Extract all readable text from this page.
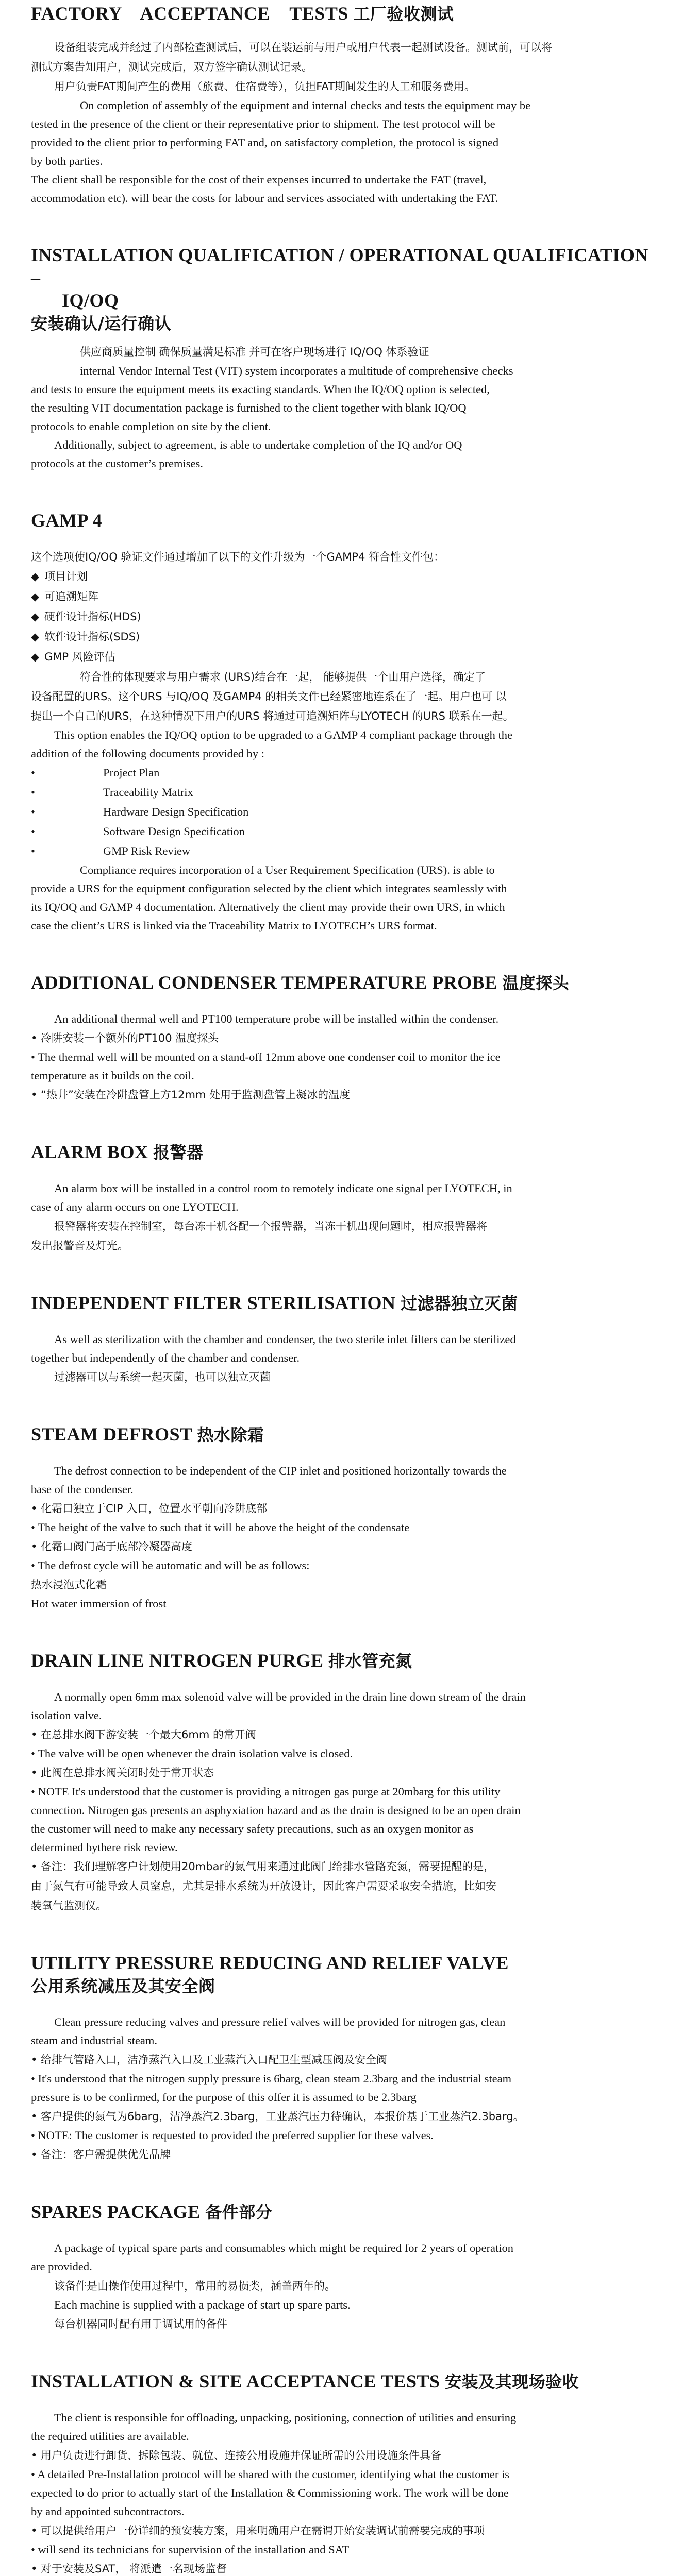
FACTORY    ACCEPTANCE    TESTS 工厂验收测试

设备组装完成并经过了内部检查测试后，可以在装运前与用户或用户代表一起测试设备。测试前，可以将

测试方案告知用户，测试完成后，双方签字确认测试记录。

用户负责FAT期间产生的费用（旅费、住宿费等），负担FAT期间发生的人工和服务费用。

On completion of assembly of the equipment and internal checks and tests the equipment may be

tested in the presence of the client or their representative prior to shipment. The test protocol will be

provided to the client prior to performing FAT and, on satisfactory completion, the protocol is signed

by both parties.

The client shall be responsible for the cost of their expenses incurred to undertake the FAT (travel,

accommodation etc). will bear the costs for labour and services associated with undertaking the FAT.

INSTALLATION QUALIFICATION / OPERATIONAL QUALIFICATION –
IQ/OQ
安装确认/运行确认

供应商质量控制 确保质量满足标准 并可在客户现场进行 IQ/OQ 体系验证

internal Vendor Internal Test (VIT) system incorporates a multitude of comprehensive checks

and tests to ensure the equipment meets its exacting standards. When the IQ/OQ option is selected,

the resulting VIT documentation package is furnished to the client together with blank IQ/OQ

protocols to enable completion on site by the client.

Additionally, subject to agreement, is able to undertake completion of the IQ and/or OQ

protocols at the customer’s premises.

GAMP 4

这个选项使IQ/OQ 验证文件通过增加了以下的文件升级为一个GAMP4 符合性文件包：

◆ 项目计划

◆ 可追溯矩阵

◆ 硬件设计指标(HDS)

◆ 软件设计指标(SDS)

◆ GMP 风险评估

符合性的体现要求与用户需求 (URS)结合在一起， 能够提供一个由用户选择，确定了

设备配置的URS。这个URS 与IQ/OQ 及GAMP4 的相关文件已经紧密地连系在了一起。用户也可 以

提出一个自己的URS，在这种情况下用户的URS 将通过可追溯矩阵与LYOTECH 的URS 联系在一起。

This option enables the IQ/OQ option to be upgraded to a GAMP 4 compliant package through the

addition of the following documents provided by :

• Project Plan
• Traceability Matrix
• Hardware Design Specification
• Software Design Specification
• GMP Risk Review

Compliance requires incorporation of a User Requirement Specification (URS). is able to

provide a URS for the equipment configuration selected by the client which integrates seamlessly with

its IQ/OQ and GAMP 4 documentation. Alternatively the client may provide their own URS, in which

case the client’s URS is linked via the Traceability Matrix to LYOTECH’s URS format.

ADDITIONAL CONDENSER TEMPERATURE PROBE 温度探头

An additional thermal well and PT100 temperature probe will be installed within the condenser.

• 冷阱安装一个额外的PT100 温度探头

• The thermal well will be mounted on a stand-off 12mm above one condenser coil to monitor the ice

temperature as it builds on the coil.

• “热井”安装在冷阱盘管上方12mm 处用于监测盘管上凝冰的温度

ALARM BOX 报警器

An alarm box will be installed in a control room to remotely indicate one signal per LYOTECH, in

case of any alarm occurs on one LYOTECH.

报警器将安装在控制室，每台冻干机各配一个报警器，当冻干机出现问题时，相应报警器将

发出报警音及灯光。

INDEPENDENT FILTER STERILISATION 过滤器独立灭菌

As well as sterilization with the chamber and condenser, the two sterile inlet filters can be sterilized

together but independently of the chamber and condenser.

过滤器可以与系统一起灭菌，也可以独立灭菌

STEAM DEFROST 热水除霜

The defrost connection to be independent of the CIP inlet and positioned horizontally towards the

base of the condenser.

• 化霜口独立于CIP 入口，位置水平朝向冷阱底部

• The height of the valve to such that it will be above the height of the condensate

• 化霜口阀门高于底部冷凝器高度

• The defrost cycle will be automatic and will be as follows:

热水浸泡式化霜

Hot water immersion of frost

DRAIN LINE NITROGEN PURGE 排水管充氮

A normally open 6mm max solenoid valve will be provided in the drain line down stream of the drain

isolation valve.

• 在总排水阀下游安装一个最大6mm 的常开阀

• The valve will be open whenever the drain isolation valve is closed.

• 此阀在总排水阀关闭时处于常开状态

• NOTE It's understood that the customer is providing a nitrogen gas purge at 20mbarg for this utility

connection. Nitrogen gas presents an asphyxiation hazard and as the drain is designed to be an open drain

the customer will need to make any necessary safety precautions, such as an oxygen monitor as

determined bythere risk review.

• 备注：我们理解客户计划使用20mbar的氮气用来通过此阀门给排水管路充氮，需要提醒的是，

由于氮气有可能导致人员窒息，尤其是排水系统为开放设计，因此客户需要采取安全措施，比如安

装氧气监测仪。

UTILITY PRESSURE REDUCING AND RELIEF VALVE
公用系统减压及其安全阀

Clean pressure reducing valves and pressure relief valves will be provided for nitrogen gas, clean

steam and industrial steam.

• 给排气管路入口，洁净蒸汽入口及工业蒸汽入口配卫生型减压阀及安全阀

• It's understood that the nitrogen supply pressure is 6barg, clean steam 2.3barg and the industrial steam

pressure is to be confirmed, for the purpose of this offer it is assumed to be 2.3barg

• 客户提供的氮气为6barg，洁净蒸汽2.3barg，工业蒸汽压力待确认，本报价基于工业蒸汽2.3barg。

• NOTE: The customer is requested to provided the preferred supplier for these valves.

• 备注：客户需提供优先品牌

SPARES PACKAGE 备件部分

A package of typical spare parts and consumables which might be required for 2 years of operation

are provided.

该备件是由操作使用过程中，常用的易损类，涵盖两年的。

Each machine is supplied with a package of start up spare parts.

每台机器同时配有用于调试用的备件

INSTALLATION & SITE ACCEPTANCE TESTS 安装及其现场验收

The client is responsible for offloading, unpacking, positioning, connection of utilities and ensuring

the required utilities are available.

• 用户负责进行卸货、拆除包装、就位、连接公用设施并保证所需的公用设施条件具备

• A detailed Pre-Installation protocol will be shared with the customer, identifying what the customer is

expected to do prior to actually start of the Installation & Commissioning work. The work will be done

by and appointed subcontractors.

• 可以提供给用户一份详细的预安装方案，用来明确用户在需谓开始安装调试前需要完成的事项

• will send its technicians for supervision of the installation and SAT

• 对于安装及SAT， 将派遣一名现场监督
